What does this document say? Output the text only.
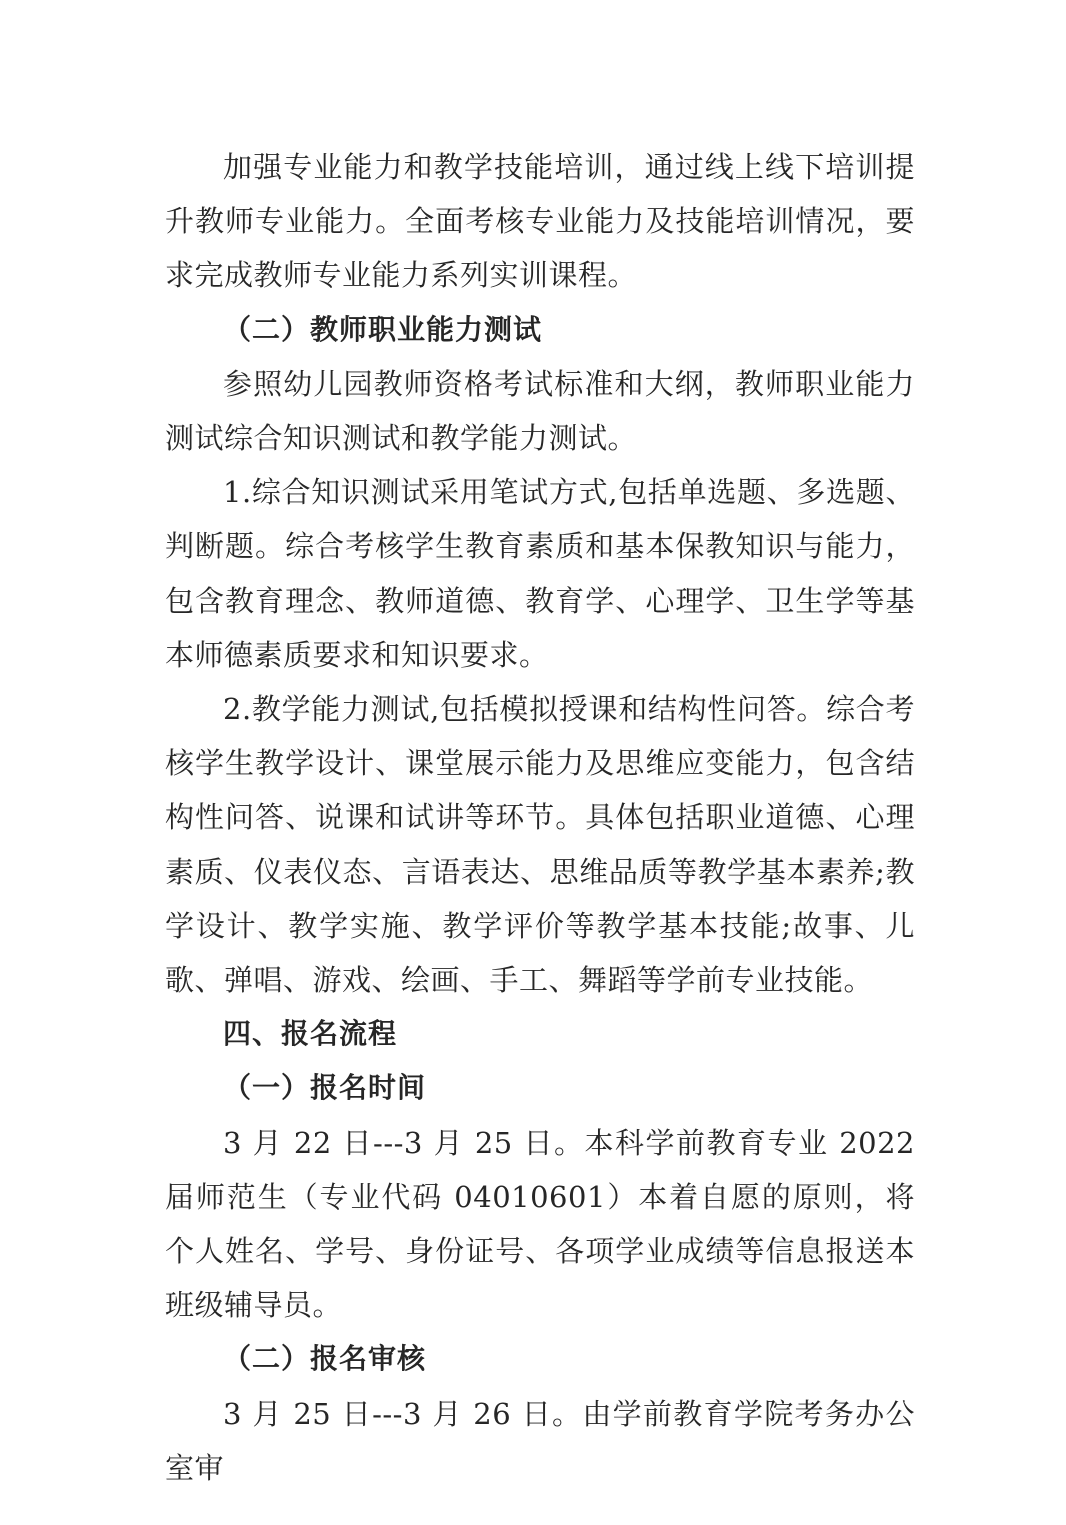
加强专业能力和教学技能培训，通过线上线下培训提升教师专业能力。全面考核专业能力及技能培训情况，要求完成教师专业能力系列实训课程。

（二）教师职业能力测试

参照幼儿园教师资格考试标准和大纲，教师职业能力测试综合知识测试和教学能力测试。

1.综合知识测试采用笔试方式,包括单选题、多选题、判断题。综合考核学生教育素质和基本保教知识与能力，包含教育理念、教师道德、教育学、心理学、卫生学等基本师德素质要求和知识要求。

2.教学能力测试,包括模拟授课和结构性问答。综合考核学生教学设计、课堂展示能力及思维应变能力，包含结构性问答、说课和试讲等环节。具体包括职业道德、心理素质、仪表仪态、言语表达、思维品质等教学基本素养;教学设计、教学实施、教学评价等教学基本技能;故事、儿歌、弹唱、游戏、绘画、手工、舞蹈等学前专业技能。

四、报名流程

（一）报名时间

3 月 22 日---3 月 25 日。本科学前教育专业 2022 届师范生（专业代码 04010601）本着自愿的原则，将个人姓名、学号、身份证号、各项学业成绩等信息报送本班级辅导员。

（二）报名审核

3 月 25 日---3 月 26 日。由学前教育学院考务办公室审
